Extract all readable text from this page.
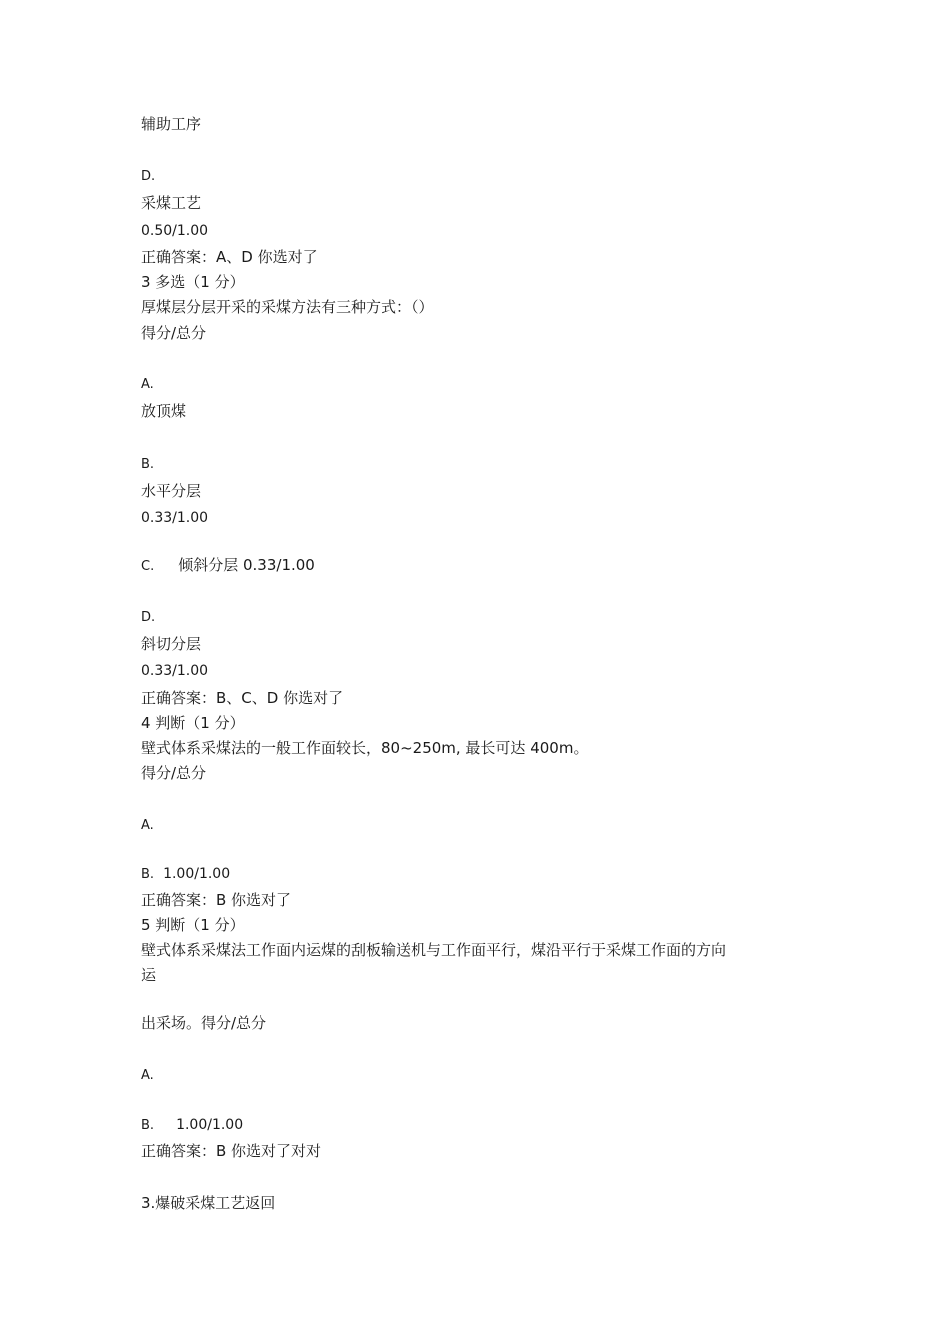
辅助工序
D.
采煤工艺
0.50/1.00
正确答案：A、D 你选对了
3 多选（1 分）
厚煤层分层开采的采煤方法有三种方式：（）
得分/总分
A.
放顶煤
B.
水平分层
0.33/1.00
C. 倾斜分层 0.33/1.00
D.
斜切分层
0.33/1.00
正确答案：B、C、D 你选对了
4 判断（1 分）
壁式体系采煤法的一般工作面较长，80~250m, 最长可达 400m。
得分/总分
A.
B. 1.00/1.00
正确答案：B 你选对了
5 判断（1 分）
壁式体系采煤法工作面内运煤的刮板输送机与工作面平行，煤沿平行于采煤工作面的方向
运
出采场。得分/总分
A.
B. 1.00/1.00
正确答案：B 你选对了对对
3.爆破采煤工艺返回
